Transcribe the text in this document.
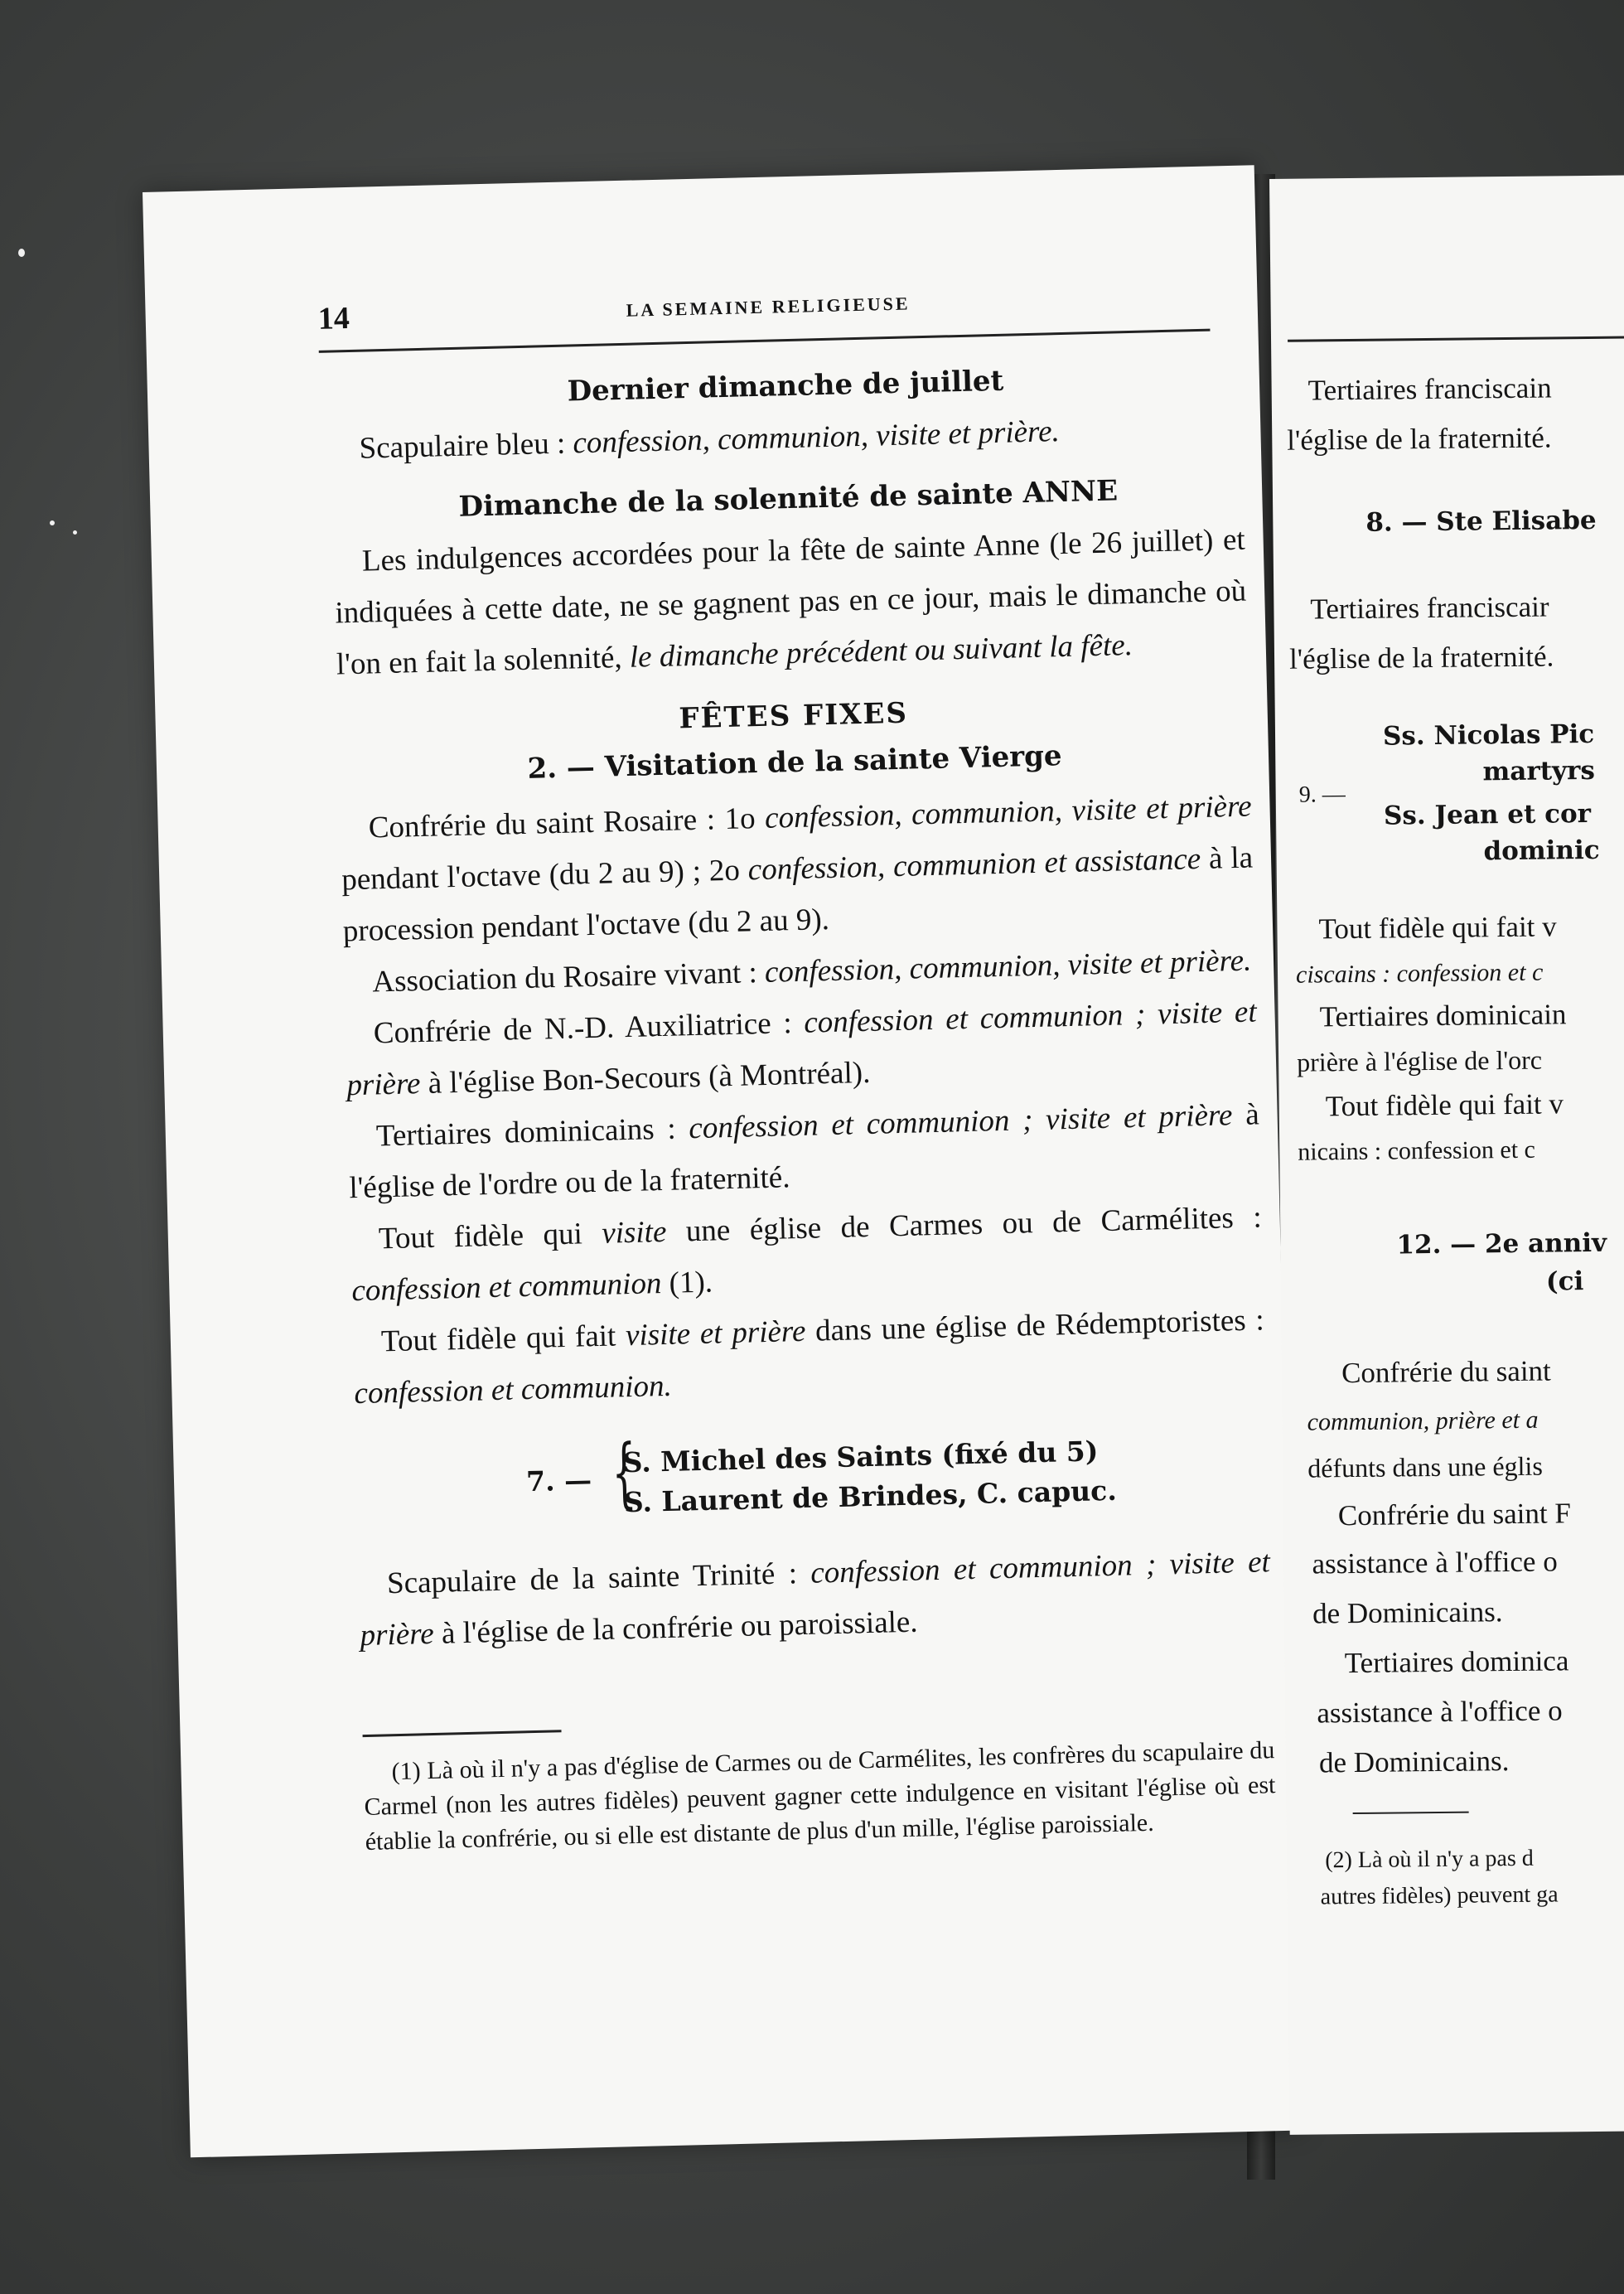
14	LA SEMAINE RELIGIEUSE
Dernier dimanche de juillet

Scapulaire bleu : confession, communion, visite et prière.

Dimanche de la solennité de sainte ANNE

Les indulgences accordées pour la fête de sainte Anne (le 26 juillet) et indiquées à cette date, ne se gagnent pas en ce jour, mais le dimanche où l'on en fait la solennité, le dimanche précédent ou suivant la fête.

FÊTES FIXES
2. — Visitation de la sainte Vierge

Confrérie du saint Rosaire : 1o confession, communion, visite et prière pendant l'octave (du 2 au 9) ; 2o confession, communion et assistance à la procession pendant l'octave (du 2 au 9).

Association du Rosaire vivant : confession, communion, visite et prière.

Confrérie de N.-D. Auxiliatrice : confession et communion ; visite et prière à l'église Bon-Secours (à Montréal).

Tertiaires dominicains : confession et communion ; visite et prière à l'église de l'ordre ou de la fraternité.

Tout fidèle qui visite une église de Carmes ou de Carmélites : confession et communion (1).

Tout fidèle qui fait visite et prière dans une église de Rédemptoristes : confession et communion.

7. — {
S. Michel des Saints (fixé du 5)
S. Laurent de Brindes, C. capuc.

Scapulaire de la sainte Trinité : confession et communion ; visite et prière à l'église de la confrérie ou paroissiale.

(1) Là où il n'y a pas d'église de Carmes ou de Carmélites, les confrères du scapulaire du Carmel (non les autres fidèles) peuvent gagner cette indulgence en visitant l'église où est établie la confrérie, ou si elle est distante de plus d'un mille, l'église paroissiale.

Tertiaires franciscain
l'église de la fraternité.
8. — Ste Elisabe
Tertiaires franciscair
l'église de la fraternité.
Ss. Nicolas Pic
martyrs
9. —
Ss. Jean et cor
dominic
Tout fidèle qui fait v
ciscains : confession et c
Tertiaires dominicain
prière à l'église de l'orc
Tout fidèle qui fait v
nicains : confession et c
12. — 2e anniv
(ci
Confrérie du saint
communion, prière et a
défunts dans une églis
Confrérie du saint F
assistance à l'office o
de Dominicains.
Tertiaires dominica
assistance à l'office o
de Dominicains.
(2) Là où il n'y a pas d
autres fidèles) peuvent ga
